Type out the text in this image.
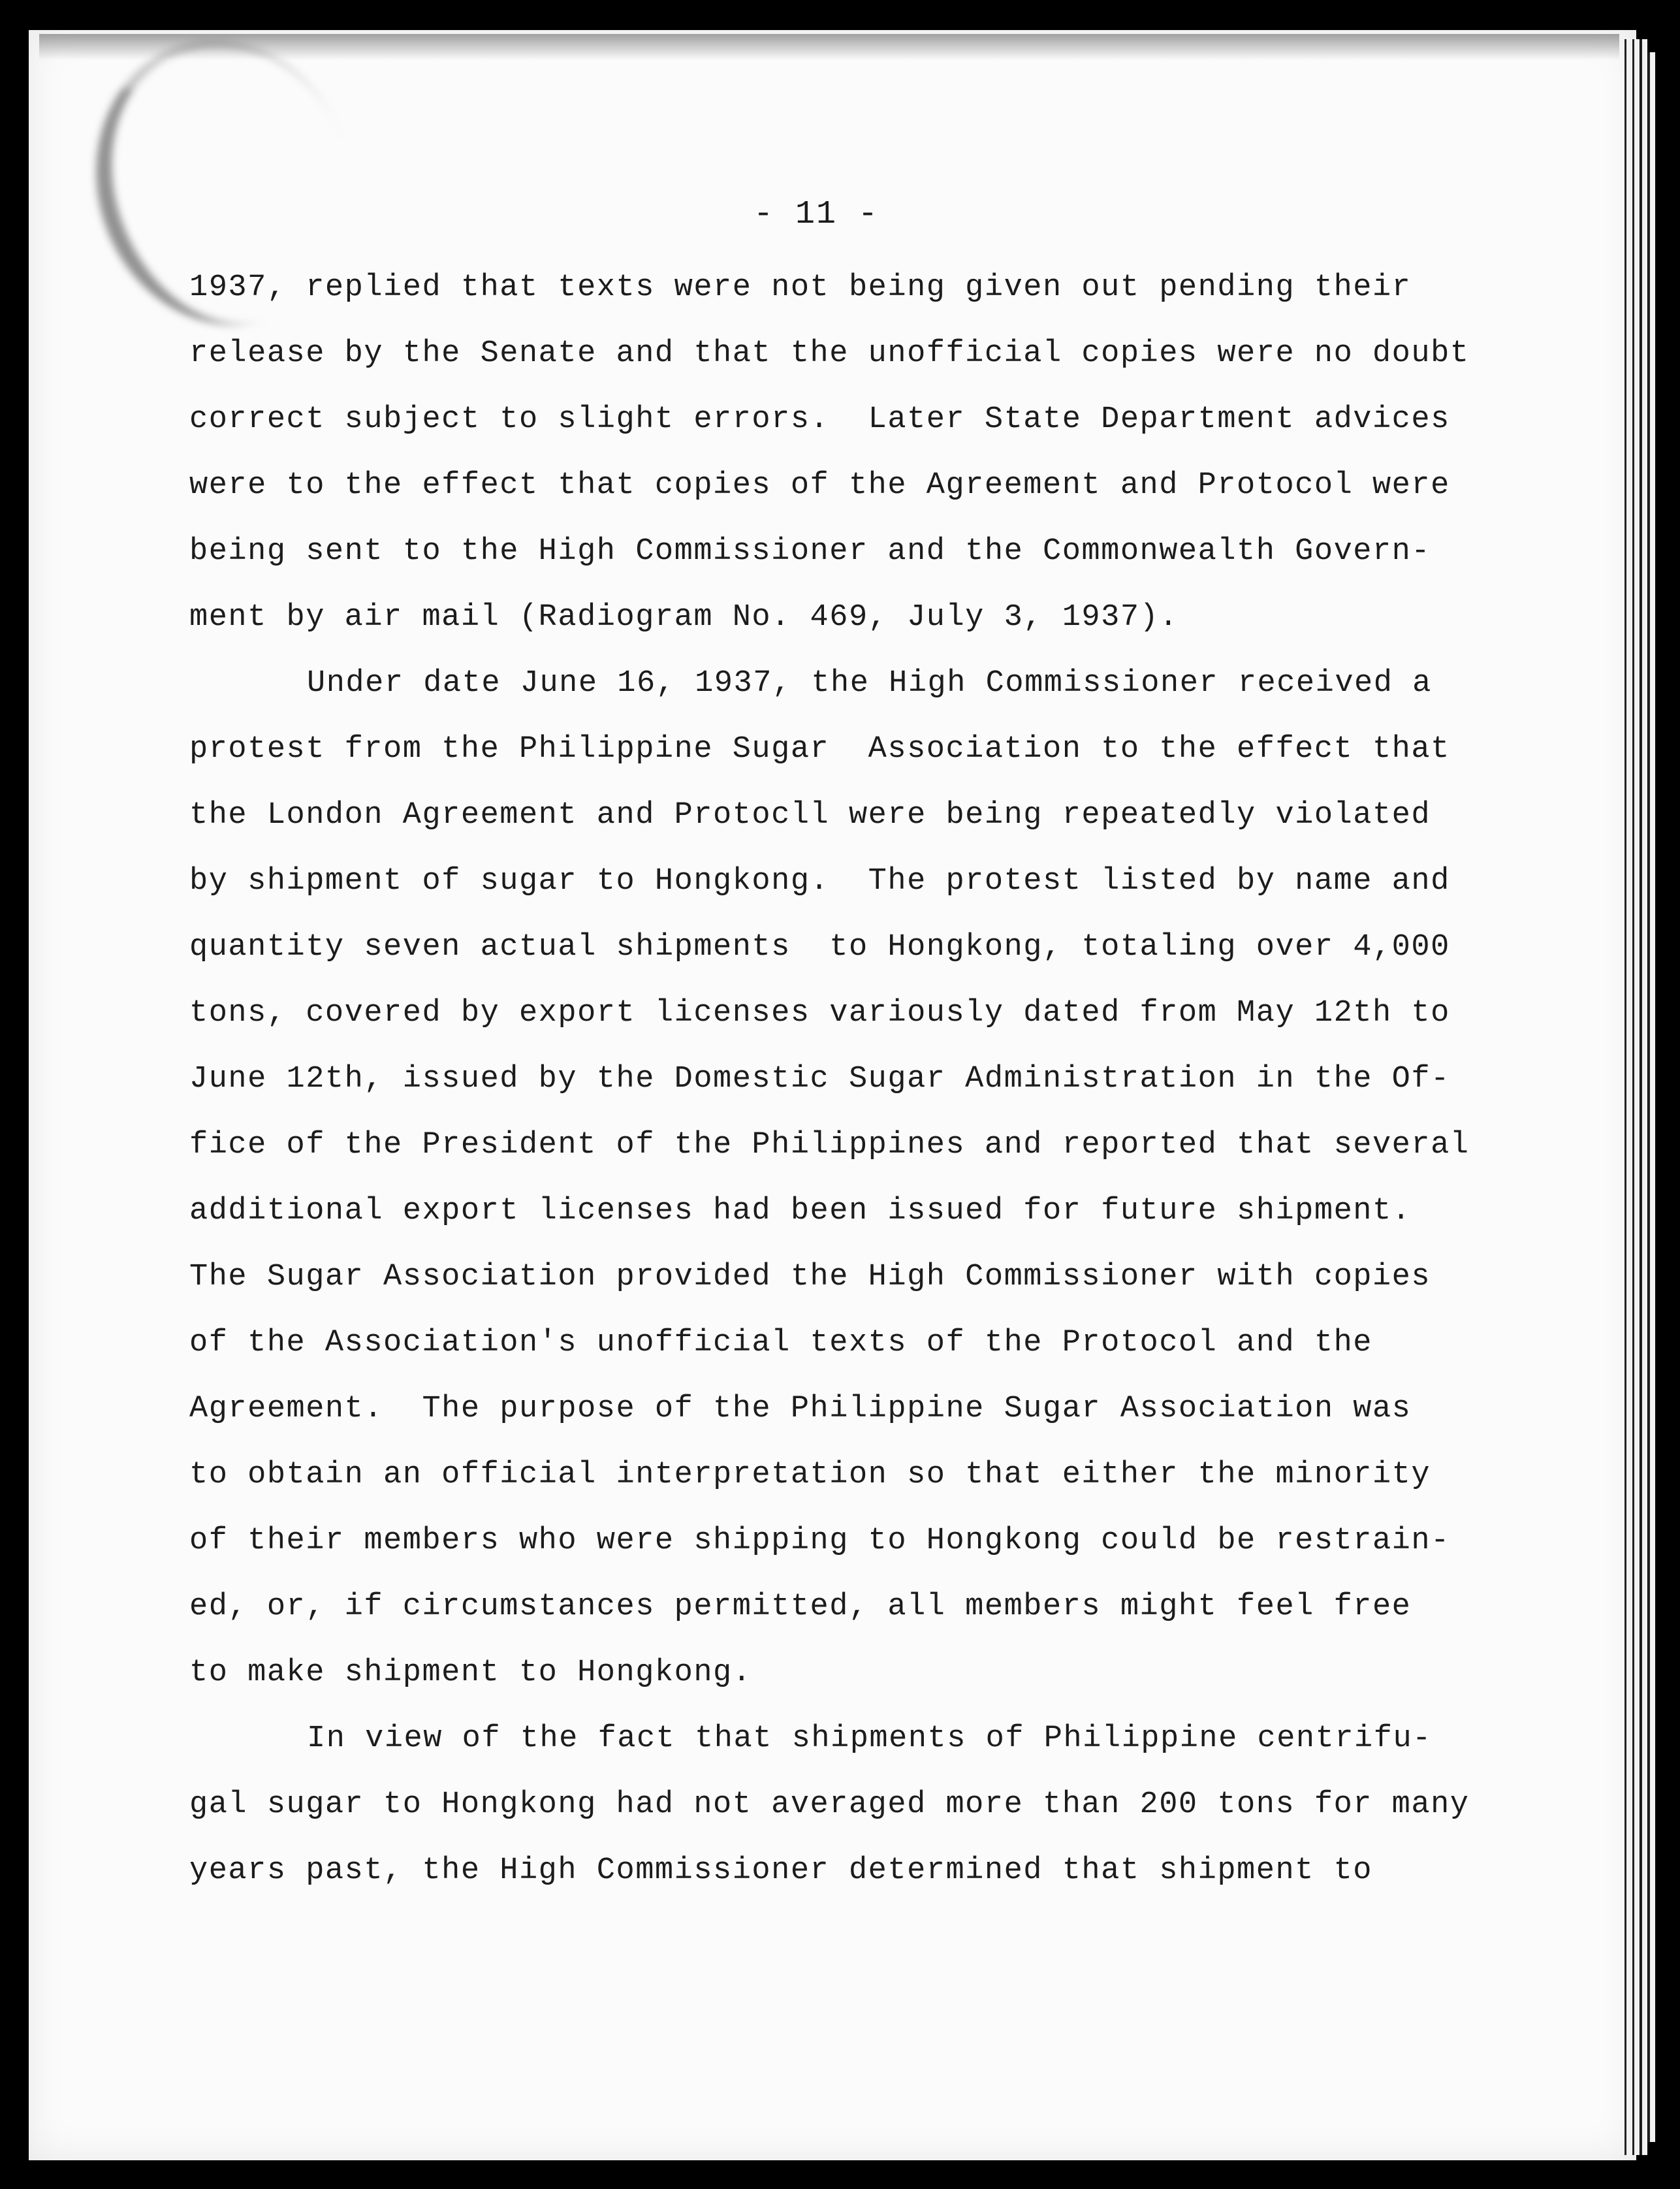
- 11 -
1937, replied that texts were not being given out pending their
release by the Senate and that the unofficial copies were no doubt
correct subject to slight errors.  Later State Department advices
were to the effect that copies of the Agreement and Protocol were
being sent to the High Commissioner and the Commonwealth Govern-
ment by air mail (Radiogram No. 469, July 3, 1937).
Under date June 16, 1937, the High Commissioner received a
protest from the Philippine Sugar  Association to the effect that
the London Agreement and Protocll were being repeatedly violated
by shipment of sugar to Hongkong.  The protest listed by name and
quantity seven actual shipments  to Hongkong, totaling over 4,000
tons, covered by export licenses variously dated from May 12th to
June 12th, issued by the Domestic Sugar Administration in the Of-
fice of the President of the Philippines and reported that several
additional export licenses had been issued for future shipment.
The Sugar Association provided the High Commissioner with copies
of the Association's unofficial texts of the Protocol and the
Agreement.  The purpose of the Philippine Sugar Association was
to obtain an official interpretation so that either the minority
of their members who were shipping to Hongkong could be restrain-
ed, or, if circumstances permitted, all members might feel free
to make shipment to Hongkong.
In view of the fact that shipments of Philippine centrifu-
gal sugar to Hongkong had not averaged more than 200 tons for many
years past, the High Commissioner determined that shipment to
